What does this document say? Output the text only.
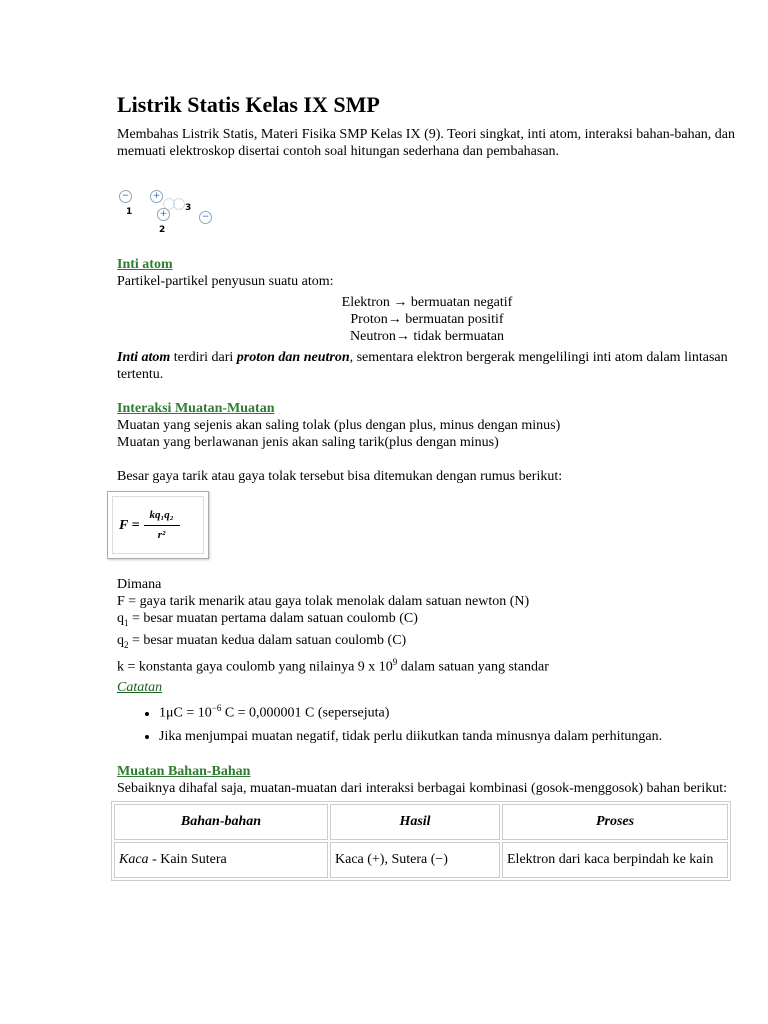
Listrik Statis Kelas IX SMP

Membahas Listrik Statis, Materi Fisika SMP Kelas IX (9). Teori singkat, inti atom, interaksi bahan-bahan, dan memuati elektroskop disertai contoh soal hitungan sederhana dan pembahasan.

−
1
+
3
+
2
−
Inti atom

Partikel-partikel penyusun suatu atom:

Elektron → bermuatan negatif
Proton→ bermuatan positif
Neutron→ tidak bermuatan

Inti atom terdiri dari proton dan neutron, sementara elektron bergerak mengelilingi inti atom dalam lintasan tertentu.

Interaksi Muatan-Muatan

Muatan yang sejenis akan saling tolak (plus dengan plus, minus dengan minus)

Muatan yang berlawanan jenis akan saling tarik(plus dengan minus)

Besar gaya tarik atau gaya tolak tersebut bisa ditemukan dengan rumus berikut:

$F = \frac{\text{kq₁q₂}}{\text{r²}}$

Dimana

F = gaya tarik menarik atau gaya tolak menolak dalam satuan newton (N)

$q_1$ = besar muatan pertama dalam satuan coulomb (C)

$q_2$ = besar muatan kedua dalam satuan coulomb (C)

k = konstanta gaya coulomb yang nilainya 9 x $10^9$ dalam satuan yang standar

Catatan
• $1\mu C = 10^{-6}$ C = 0,000001 C (sepersejuta)
• Jika menjumpai muatan negatif, tidak perlu diikutkan tanda minusnya dalam perhitungan.
Muatan Bahan-Bahan

Sebaiknya dihafal saja, muatan-muatan dari interaksi berbagai kombinasi (gosok-menggosok) bahan berikut:

Bahan-bahan	Hasil	Proses
Kaca - Kain Sutera	Kaca (+), Sutera (−)	Elektron dari kaca berpindah ke kain
